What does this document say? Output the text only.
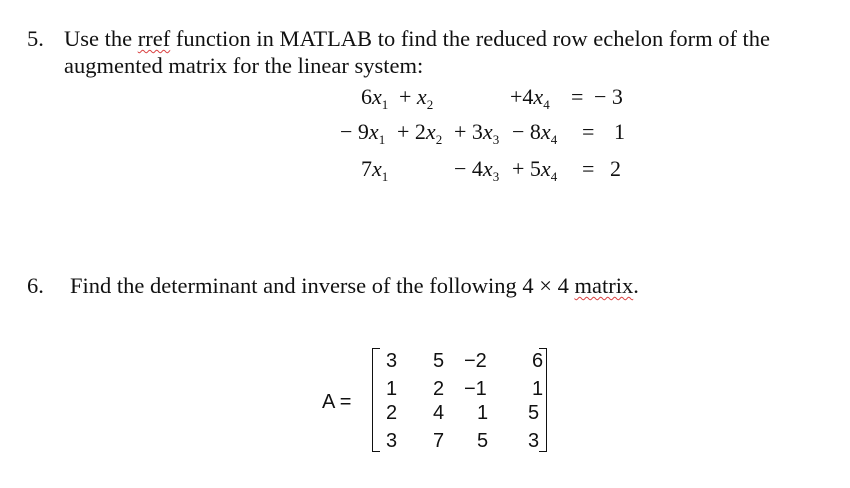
5. Use the rref function in MATLAB to find the reduced row echelon form of the
augmented matrix for the linear system:
$6x_1 + x_2$	$+4x_4$ = − 3
− $9x_1 + 2x_2 + 3x_3 - 8x_4 = 1$
$7x_1$	− $4x_3 + 5x_4 = 2$
6. Find the determinant and inverse of the following 4 × 4 matrix.
A =
3 5 −2 6
1 2 −1 1
2 4 1 5
3 7 5 3
